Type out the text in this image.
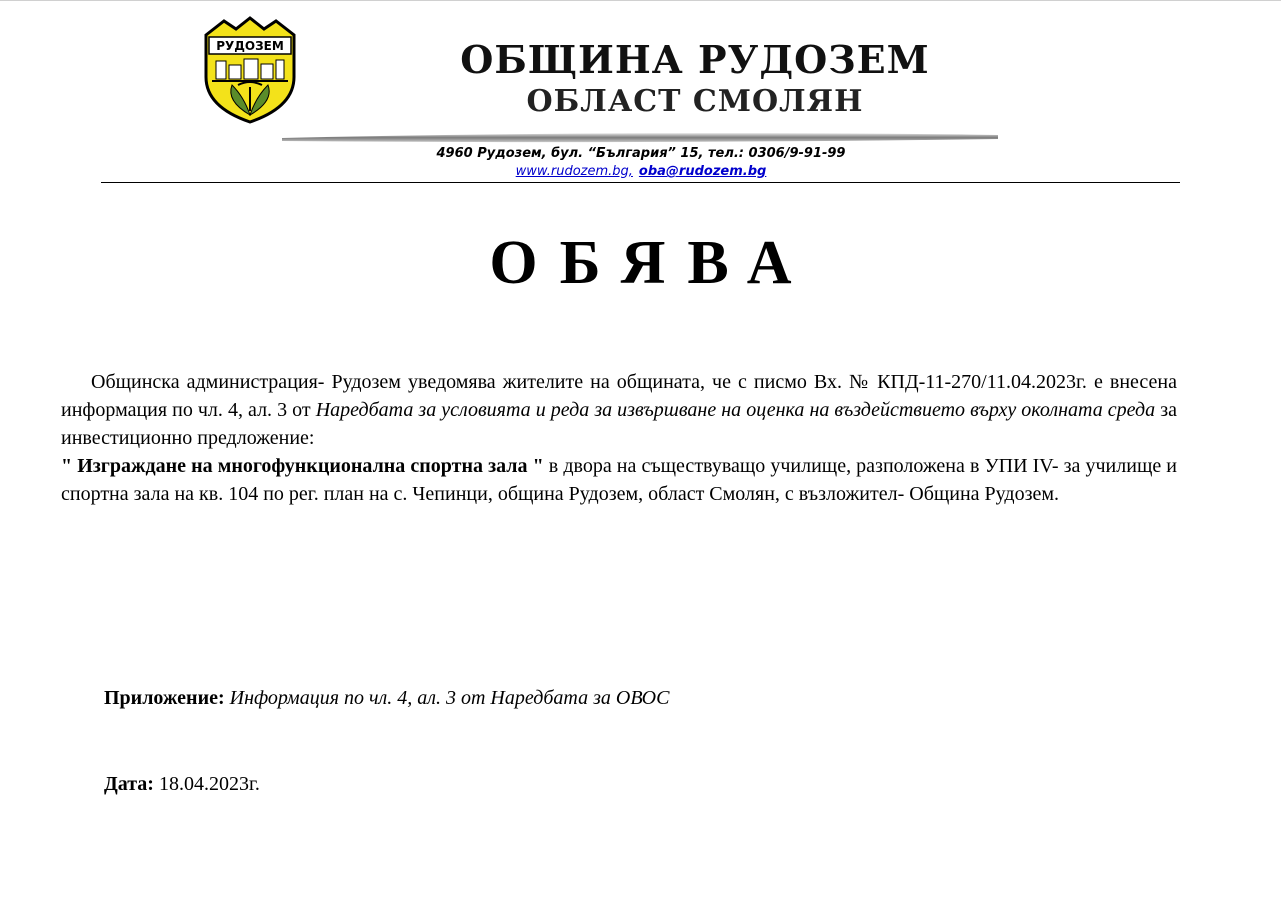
РУДОЗЕМ	ОБЩИНА РУДОЗЕМ
ОБЛАСТ СМОЛЯН
4960 Рудозем, бул. “България” 15, тел.: 0306/9-91-99
www.rudozem.bg, oba@rudozem.bg
ОБЯВА

Общинска администрация- Рудозем уведомява жителите на общината, че с писмо Вх. № КПД-11-270/11.04.2023г. е внесена информация по чл. 4, ал. 3 от Наредбата за условията и реда за извършване на оценка на въздействието върху околната среда за инвестиционно предложение:

" Изграждане на многофункционална спортна зала " в двора на съществуващо училище, разположена в УПИ IV- за училище и спортна зала на кв. 104 по рег. план на с. Чепинци, община Рудозем, област Смолян, с възложител- Община Рудозем.

Приложение: Информация по чл. 4, ал. 3 от Наредбата за ОВОС
Дата: 18.04.2023г.
